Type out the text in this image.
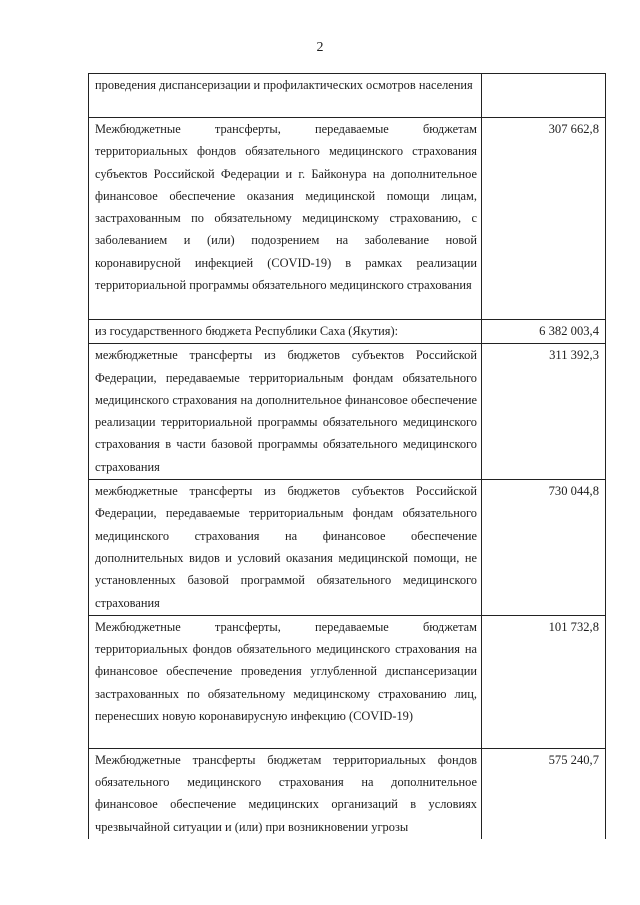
2
проведения диспансеризации и профилактических осмотров населения	
Межбюджетные трансферты, передаваемые бюджетам территориальных фондов обязательного медицинского страхования субъектов Российской Федерации и г. Байконура на дополнительное финансовое обеспечение оказания медицинской помощи лицам, застрахованным по обязательному медицинскому страхованию, с заболеванием и (или) подозрением на заболевание новой коронавирусной инфекцией (COVID-19) в рамках реализации территориальной программы обязательного медицинского страхования	307 662,8
из государственного бюджета Республики Саха (Якутия):	6 382 003,4
межбюджетные трансферты из бюджетов субъектов Российской Федерации, передаваемые территориальным фондам обязательного медицинского страхования на дополнительное финансовое обеспечение реализации территориальной программы обязательного медицинского страхования в части базовой программы обязательного медицинского страхования	311 392,3
межбюджетные трансферты из бюджетов субъектов Российской Федерации, передаваемые территориальным фондам обязательного медицинского страхования на финансовое обеспечение дополнительных видов и условий оказания медицинской помощи, не установленных базовой программой обязательного медицинского страхования	730 044,8
Межбюджетные трансферты, передаваемые бюджетам территориальных фондов обязательного медицинского страхования на финансовое обеспечение проведения углубленной диспансеризации застрахованных по обязательному медицинскому страхованию лиц, перенесших новую коронавирусную инфекцию (COVID-19)	101 732,8
Межбюджетные трансферты бюджетам территориальных фондов обязательного медицинского страхования на дополнительное финансовое обеспечение медицинских организаций в условиях чрезвычайной ситуации и (или) при возникновении угрозы	575 240,7
